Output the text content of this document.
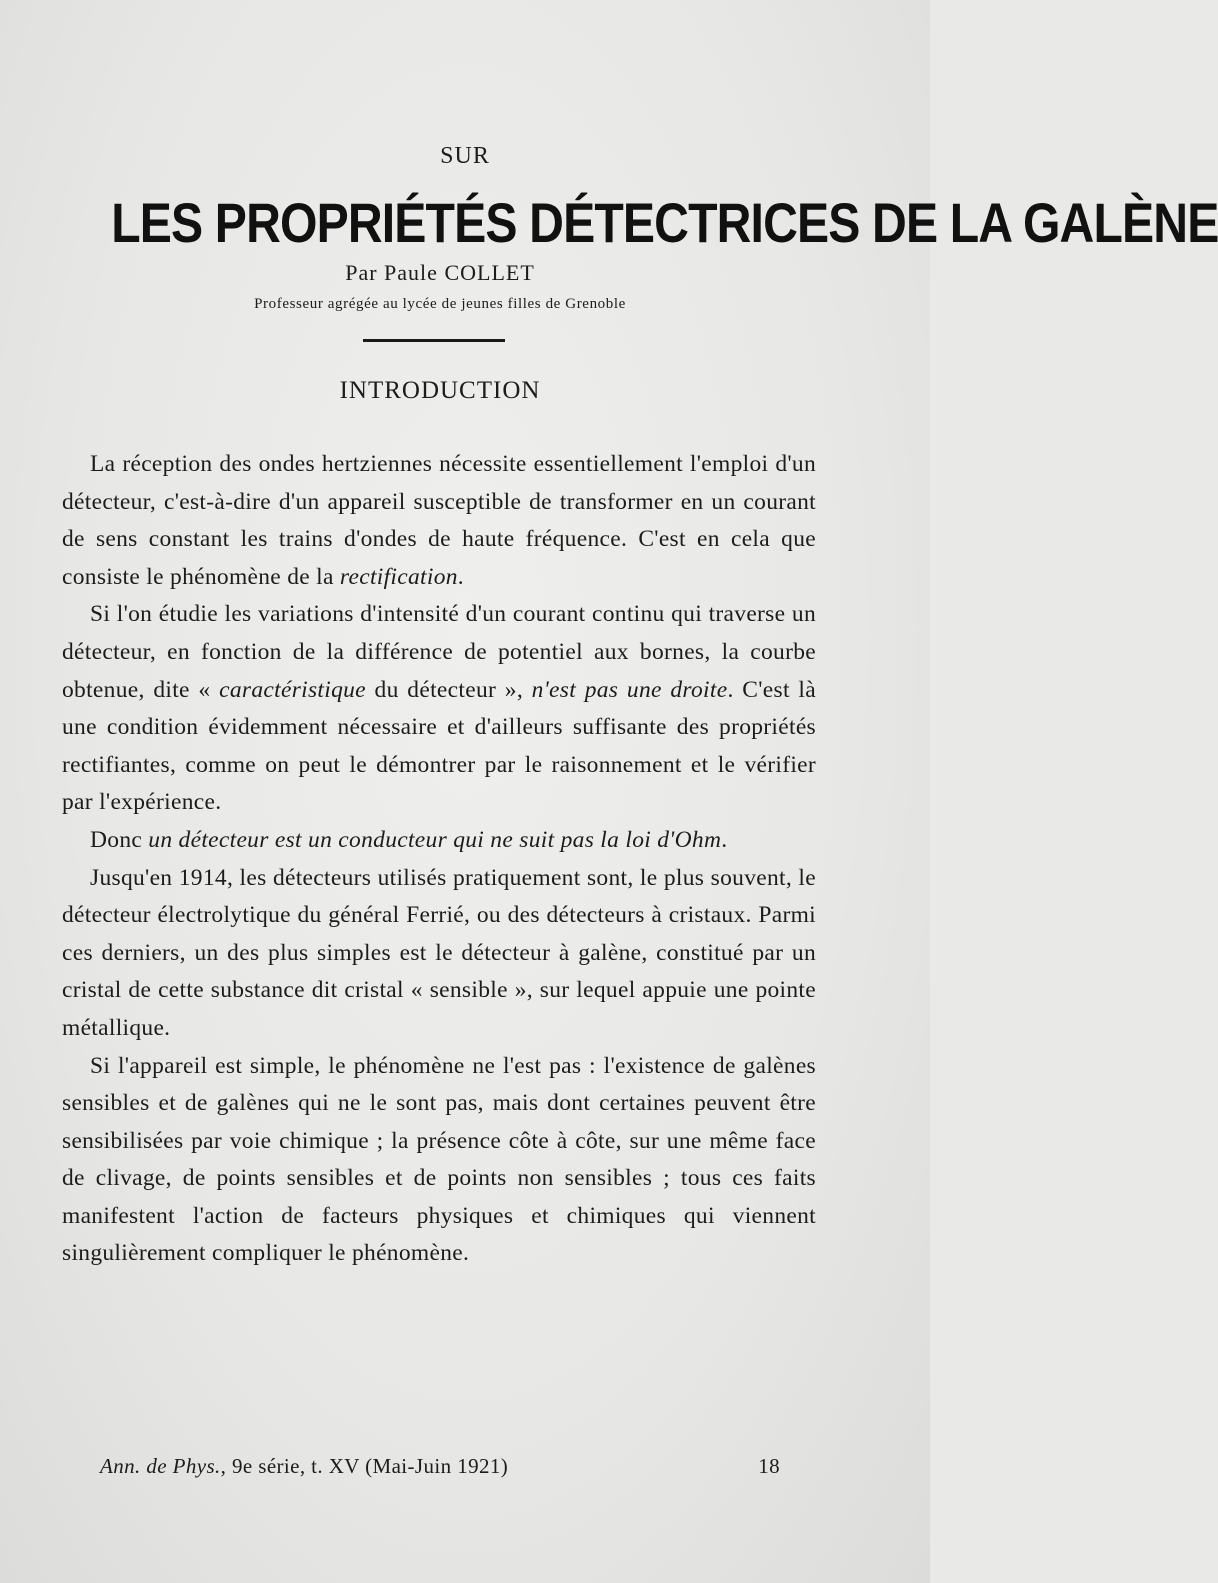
SUR
LES PROPRIÉTÉS DÉTECTRICES DE LA GALÈNE
Par Paule COLLET
Professeur agrégée au lycée de jeunes filles de Grenoble
INTRODUCTION

La réception des ondes hertziennes nécessite essentiellement l'emploi d'un détecteur, c'est-à-dire d'un appareil susceptible de transformer en un courant de sens constant les trains d'ondes de haute fréquence. C'est en cela que consiste le phénomène de la rectification.

Si l'on étudie les variations d'intensité d'un courant continu qui traverse un détecteur, en fonction de la différence de potentiel aux bornes, la courbe obtenue, dite « caractéristique du détecteur », n'est pas une droite. C'est là une condition évidemment nécessaire et d'ailleurs suffisante des propriétés rectifiantes, comme on peut le démontrer par le raisonnement et le vérifier par l'expérience.

Donc un détecteur est un conducteur qui ne suit pas la loi d'Ohm.

Jusqu'en 1914, les détecteurs utilisés pratiquement sont, le plus souvent, le détecteur électrolytique du général Ferrié, ou des détecteurs à cristaux. Parmi ces derniers, un des plus simples est le détecteur à galène, constitué par un cristal de cette substance dit cristal « sensible », sur lequel appuie une pointe métallique.

Si l'appareil est simple, le phénomène ne l'est pas : l'existence de galènes sensibles et de galènes qui ne le sont pas, mais dont certaines peuvent être sensibilisées par voie chimique ; la présence côte à côte, sur une même face de clivage, de points sensibles et de points non sensibles ; tous ces faits manifestent l'action de facteurs physiques et chimiques qui viennent singulièrement compliquer le phénomène.

Ann. de Phys., 9e série, t. XV (Mai-Juin 1921)	18
